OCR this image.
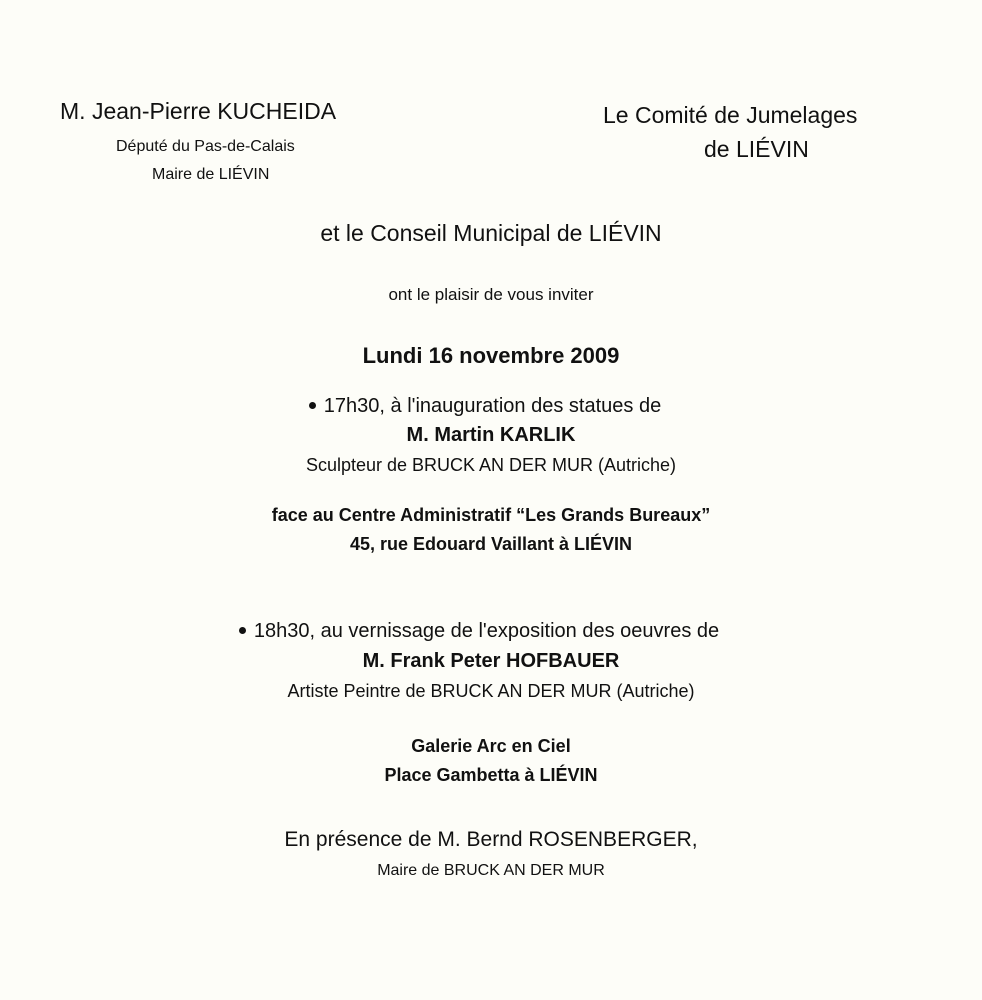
M. Jean-Pierre KUCHEIDA
Député du Pas-de-Calais
Maire de LIÉVIN
Le Comité de Jumelages
de LIÉVIN
et le Conseil Municipal de LIÉVIN
ont le plaisir de vous inviter
Lundi 16 novembre 2009
17h30, à l'inauguration des statues de
M. Martin KARLIK
Sculpteur de BRUCK AN DER MUR (Autriche)
face au Centre Administratif “Les Grands Bureaux”
45, rue Edouard Vaillant à LIÉVIN
18h30, au vernissage de l'exposition des oeuvres de
M. Frank Peter HOFBAUER
Artiste Peintre de BRUCK AN DER MUR (Autriche)
Galerie Arc en Ciel
Place Gambetta à LIÉVIN
En présence de M. Bernd ROSENBERGER,
Maire de BRUCK AN DER MUR
